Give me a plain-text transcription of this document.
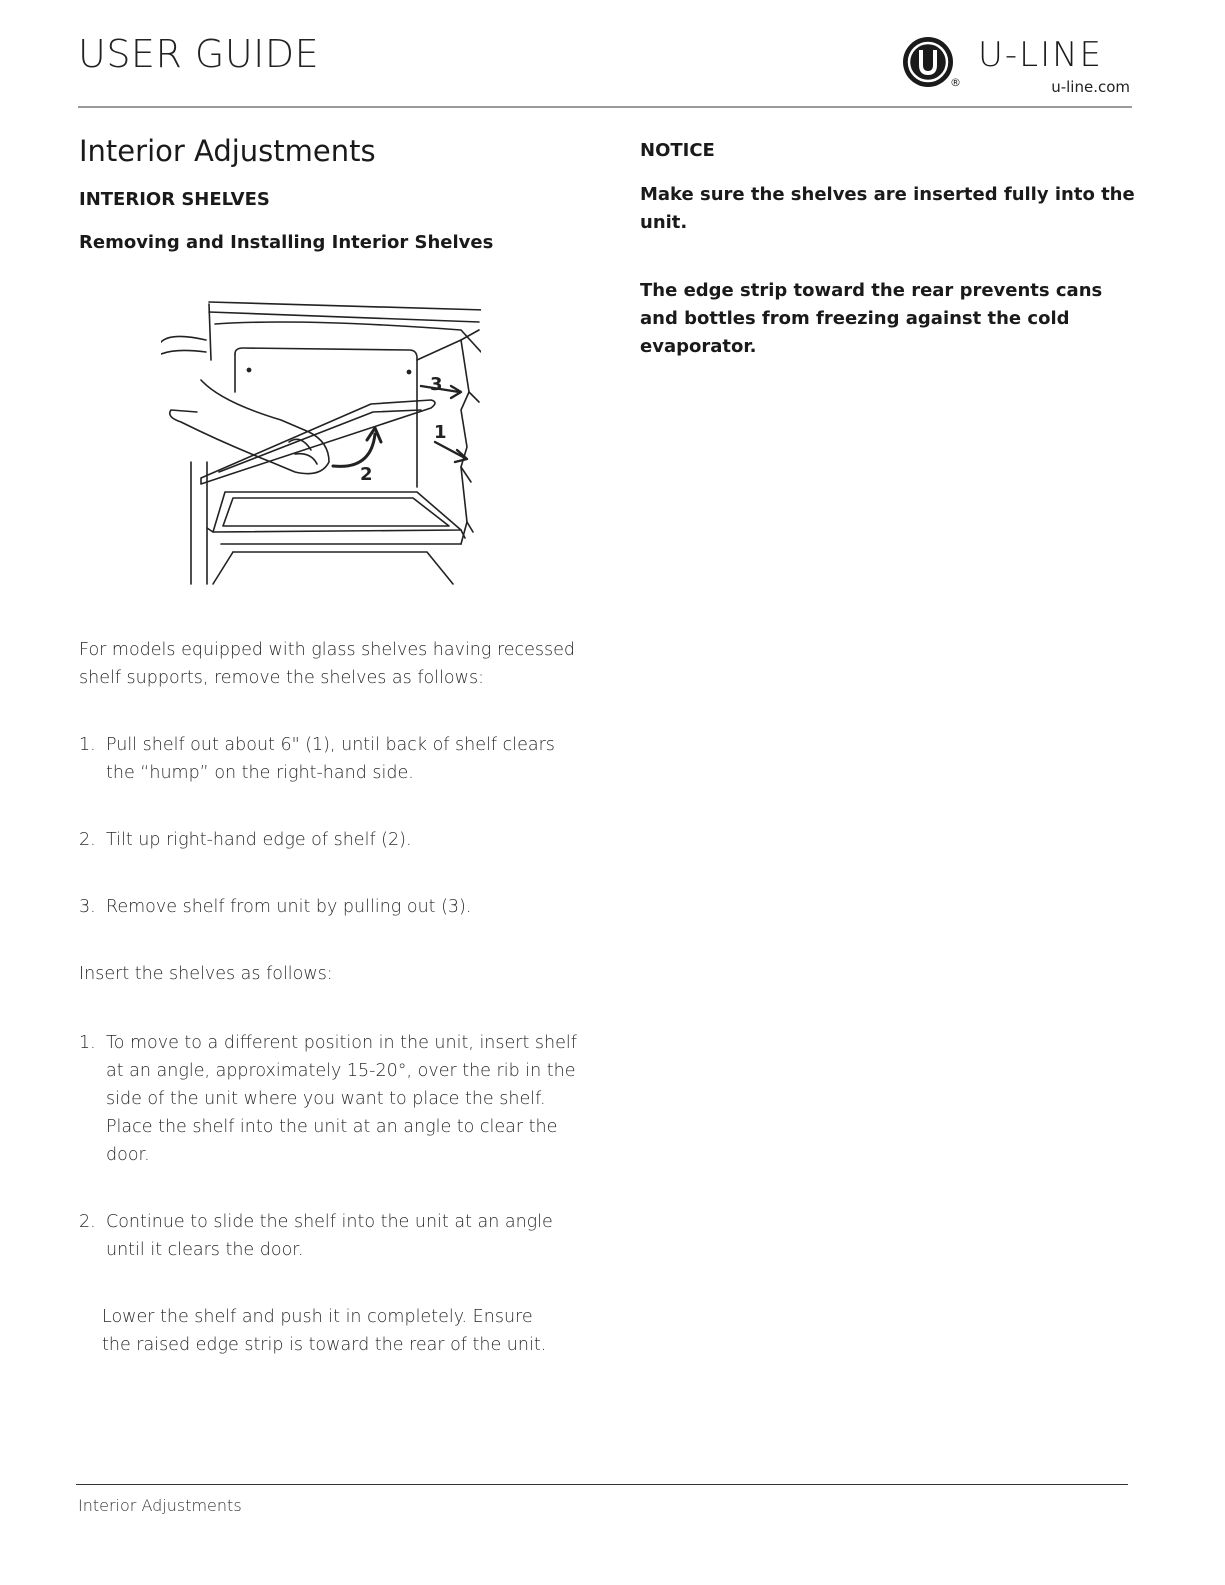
USER GUIDE
®
U-LINE
u-line.com
Interior Adjustments
INTERIOR SHELVES
Removing and Installing Interior Shelves
3
1
2

For models equipped with glass shelves having recessed shelf supports, remove the shelves as follows:

1. Pull shelf out about 6" (1), until back of shelf clears the “hump” on the right-hand side.
2. Tilt up right-hand edge of shelf (2).
3. Remove shelf from unit by pulling out (3).

Insert the shelves as follows:

1. To move to a different position in the unit, insert shelf at an angle, approximately 15-20°, over the rib in the side of the unit where you want to place the shelf. Place the shelf into the unit at an angle to clear the door.
2. Continue to slide the shelf into the unit at an angle until it clears the door.

Lower the shelf and push it in completely. Ensure the raised edge strip is toward the rear of the unit.

NOTICE

Make sure the shelves are inserted fully into the unit.

The edge strip toward the rear prevents cans and bottles from freezing against the cold evaporator.

Interior Adjustments
